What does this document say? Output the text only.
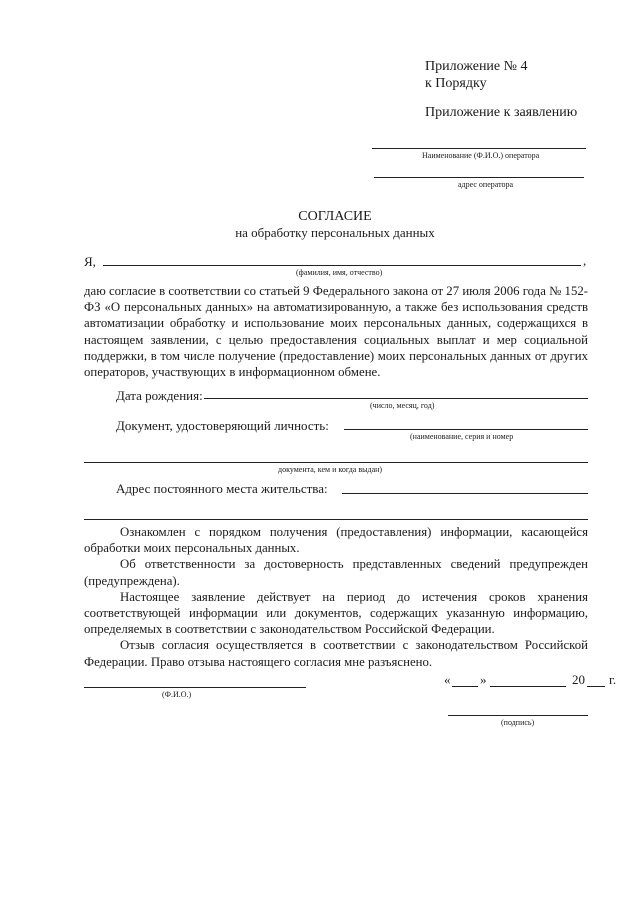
Приложение № 4
к Порядку
Приложение к заявлению
Наименование (Ф.И.О.) оператора
адрес оператора
СОГЛАСИЕ
на обработку персональных данных
Я,	,
(фамилия, имя, отчество)

даю согласие в соответствии со статьей 9 Федерального закона от 27 июля 2006 года № 152-ФЗ «О персональных данных» на автоматизированную, а также без использования средств автоматизации обработку и использование моих персональных данных, содержащихся в настоящем заявлении, с целью предоставления социальных выплат и мер социальной поддержки, в том числе получение (предоставление) моих персональных данных от других операторов, участвующих в информационном обмене.

Дата рождения:
(число, месяц, год)
Документ, удостоверяющий личность:
(наименование, серия и номер
документа, кем и когда выдан)
Адрес постоянного места жительства:

Ознакомлен с порядком получения (предоставления) информации, касающейся обработки моих персональных данных.

Об ответственности за достоверность представленных сведений предупрежден (предупреждена).

Настоящее заявление действует на период до истечения сроков хранения соответствующей информации или документов, содержащих указанную информацию, определяемых в соответствии с законодательством Российской Федерации.

Отзыв согласия осуществляется в соответствии с законодательством Российской Федерации. Право отзыва настоящего согласия мне разъяснено.

(Ф.И.О.)
« »	20 г.
(подпись)
